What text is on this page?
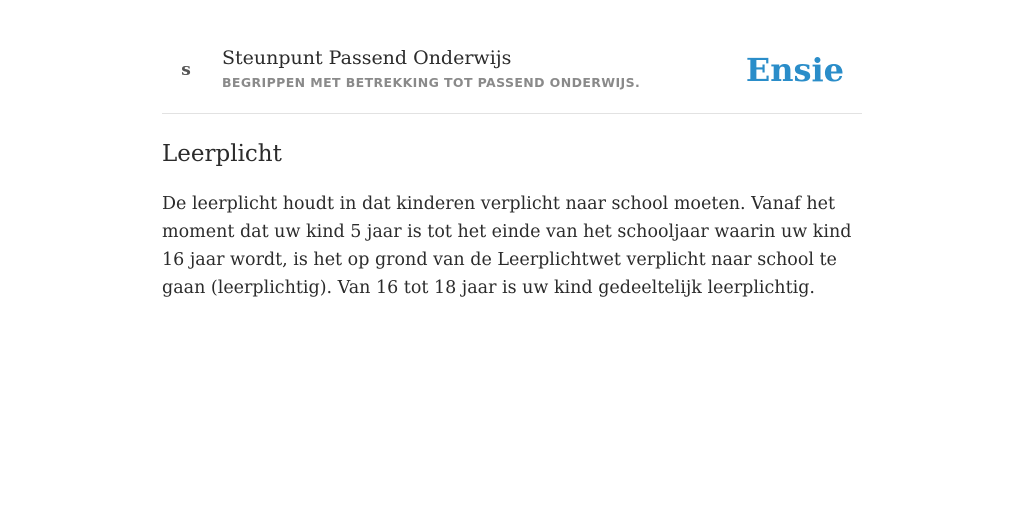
s
Steunpunt Passend Onderwijs
BEGRIPPEN MET BETREKKING TOT PASSEND ONDERWIJS.	Ensie
Leerplicht

De leerplicht houdt in dat kinderen verplicht naar school moeten. Vanaf het moment dat uw kind 5 jaar is tot het einde van het schooljaar waarin uw kind 16 jaar wordt, is het op grond van de Leerplichtwet verplicht naar school te gaan (leerplichtig). Van 16 tot 18 jaar is uw kind gedeeltelijk leerplichtig.
